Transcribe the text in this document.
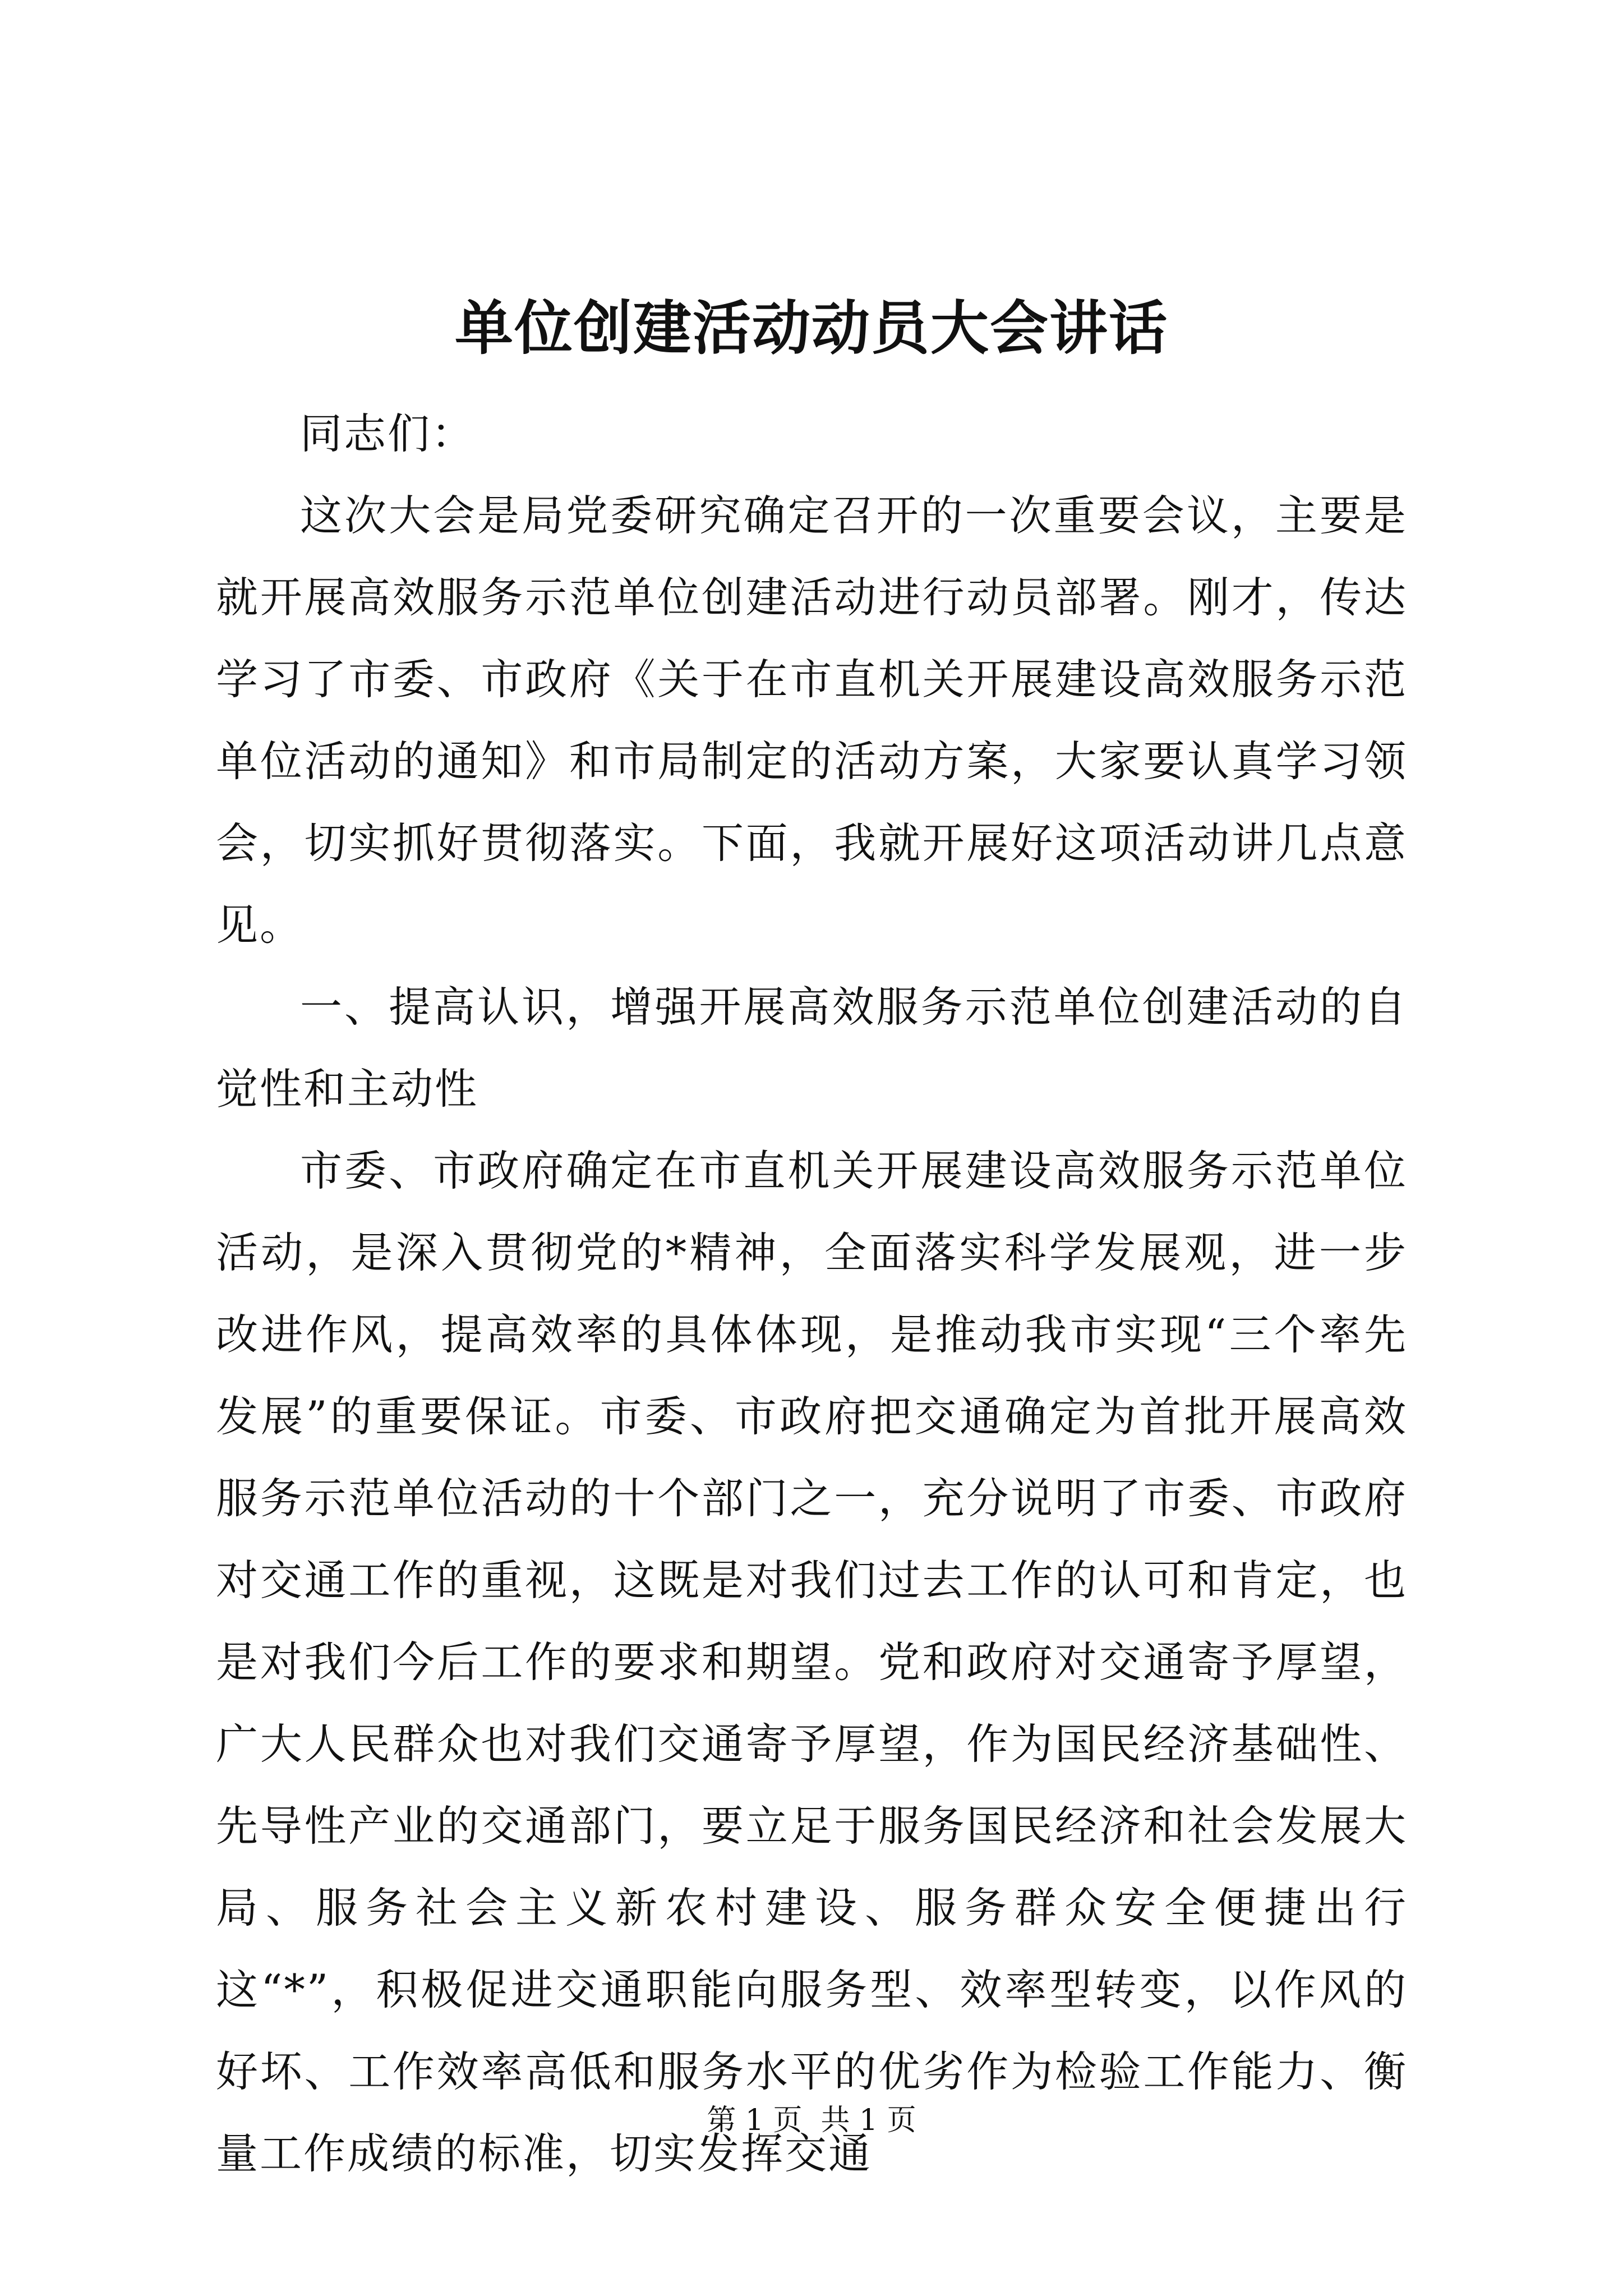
单位创建活动动员大会讲话

同志们：

这次大会是局党委研究确定召开的一次重要会议，主要是就开展高效服务示范单位创建活动进行动员部署。刚才，传达学习了市委、市政府《关于在市直机关开展建设高效服务示范单位活动的通知》和市局制定的活动方案，大家要认真学习领会，切实抓好贯彻落实。下面，我就开展好这项活动讲几点意见。

一、提高认识，增强开展高效服务示范单位创建活动的自觉性和主动性

市委、市政府确定在市直机关开展建设高效服务示范单位活动，是深入贯彻党的*精神，全面落实科学发展观，进一步改进作风，提高效率的具体体现，是推动我市实现“三个率先发展”的重要保证。市委、市政府把交通确定为首批开展高效服务示范单位活动的十个部门之一，充分说明了市委、市政府对交通工作的重视，这既是对我们过去工作的认可和肯定，也是对我们今后工作的要求和期望。党和政府对交通寄予厚望，广大人民群众也对我们交通寄予厚望，作为国民经济基础性、先导性产业的交通部门，要立足于服务国民经济和社会发展大局、服务社会主义新农村建设、服务群众安全便捷出行这“*”，积极促进交通职能向服务型、效率型转变，以作风的好坏、工作效率高低和服务水平的优劣作为检验工作能力、衡量工作成绩的标准，切实发挥交通

第 1 页  共 1 页
